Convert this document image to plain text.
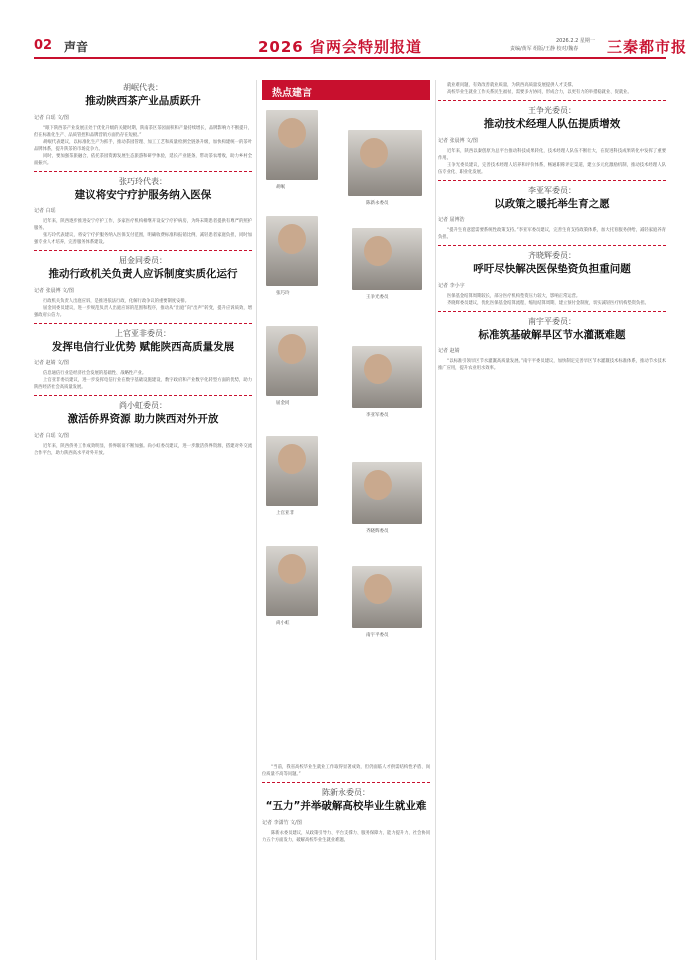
02 声音	2026 省两会特别报道	2026.2.2 星期一
责编/黄军 组版/王静 校对/魏春 三秦都市报
胡岷代表：
推动陕西茶产业品质跃升
记者 白瑶 文/图

“眼下陕西茶产业发展正处于优化升级的关键时期，陕南茶区茶园面积和产量持续增长，品牌影响力不断提升，但在标准化生产、品质管控和品牌营销方面仍存在短板。”

胡岷代表建议，以标准化生产为抓手，推动茶园管理、加工工艺和质量检测全链条升级，加快构建统一的茶叶品牌体系，提升陕茶的市场竞争力。

同时，要加强茶旅融合，依托茶园资源发展生态旅游和研学体验，延长产业链条，带动茶农增收，助力乡村全面振兴。

张巧玲代表：
建议将安宁疗护服务纳入医保
记者 白瑶

近年来，陕西逐步推进安宁疗护工作，多家医疗机构相继开设安宁疗护病房，为终末期患者提供有尊严的照护服务。

张巧玲代表建议，将安宁疗护服务纳入医保支付范围，明确收费标准和报销比例，减轻患者家庭负担，同时加强专业人才培养，完善服务体系建设。

屈金同委员：
推动行政机关负责人应诉制度实质化运行
记者 张晨博 文/图

行政机关负责人出庭应诉，是推进依法行政、化解行政争议的重要制度安排。

屈金同委员建议，进一步规范负责人出庭应诉的范围和程序，推动从“出庭”向“出声”转变，提升应诉质效，增强政府公信力。

上官亚非委员：
发挥电信行业优势 赋能陕西高质量发展
记者 赵婧 文/图

信息通信行业是经济社会发展的基础性、战略性产业。

上官亚非委员建议，进一步发挥电信行业在数字基础设施建设、数字政府和产业数字化转型方面的优势，助力陕西经济社会高质量发展。

尚小虹委员：
激活侨界资源 助力陕西对外开放
记者 白瑶 文/图

近年来，陕西侨务工作成效明显，侨界联谊不断加强。尚小虹委员建议，进一步激活侨界资源，搭建对外交流合作平台，助力陕西高水平对外开放。

热点建言
胡岷
陈新永委员
张巧玲
王争光委员
屈金同
李亚军委员
上官亚非
齐晓辉委员
尚小虹
南宇平委员

“当前，我省高校毕业生就业工作取得显著成效，但仍面临人才供需结构性矛盾、岗位质量不高等问题。”

陈新永委员：
“五力”并举破解高校毕业生就业难
记者 李潇竹 文/图

陈新永委员建议，从政策引导力、平台支撑力、服务保障力、能力提升力、社会协同力五个方面发力，破解高校毕业生就业难题。

就业难问题，有效改善就业质量，为陕西高质量发展提供人才支撑。

高校毕业生就业工作关系民生福祉，需要多方协同，形成合力，以更有力的举措稳就业、促就业。

王争光委员：
推动技术经理人队伍提质增效
记者 张晨博 文/图

近年来，陕西以秦创原为总平台推动科技成果转化，技术经理人队伍不断壮大，在促进科技成果转化中发挥了重要作用。

王争光委员建议，完善技术经理人培养和评价体系，畅通职称评定渠道，建立多元化激励机制，推动技术经理人队伍专业化、职业化发展。

李亚军委员：
以政策之暖托举生育之愿
记者 屈博浩

“提升生育意愿需要系统性政策支持。”李亚军委员建议，完善生育支持政策体系，加大托育服务供给，减轻家庭养育负担。

齐晓辉委员：
呼吁尽快解决医保垫资负担重问题
记者 李小宇

医保基金结算周期较长，部分医疗机构垫资压力较大，影响正常运营。

齐晓辉委员建议，优化医保基金结算流程，缩短结算周期，建立预付金制度，切实减轻医疗机构垫资负担。

南宇平委员：
标准筑基破解旱区节水灌溉难题
记者 赵婧

“以标准引领旱区节水灌溉高质量发展。”南宇平委员建议，加快制定完善旱区节水灌溉技术标准体系，推动节水技术推广应用，提升农业用水效率。
